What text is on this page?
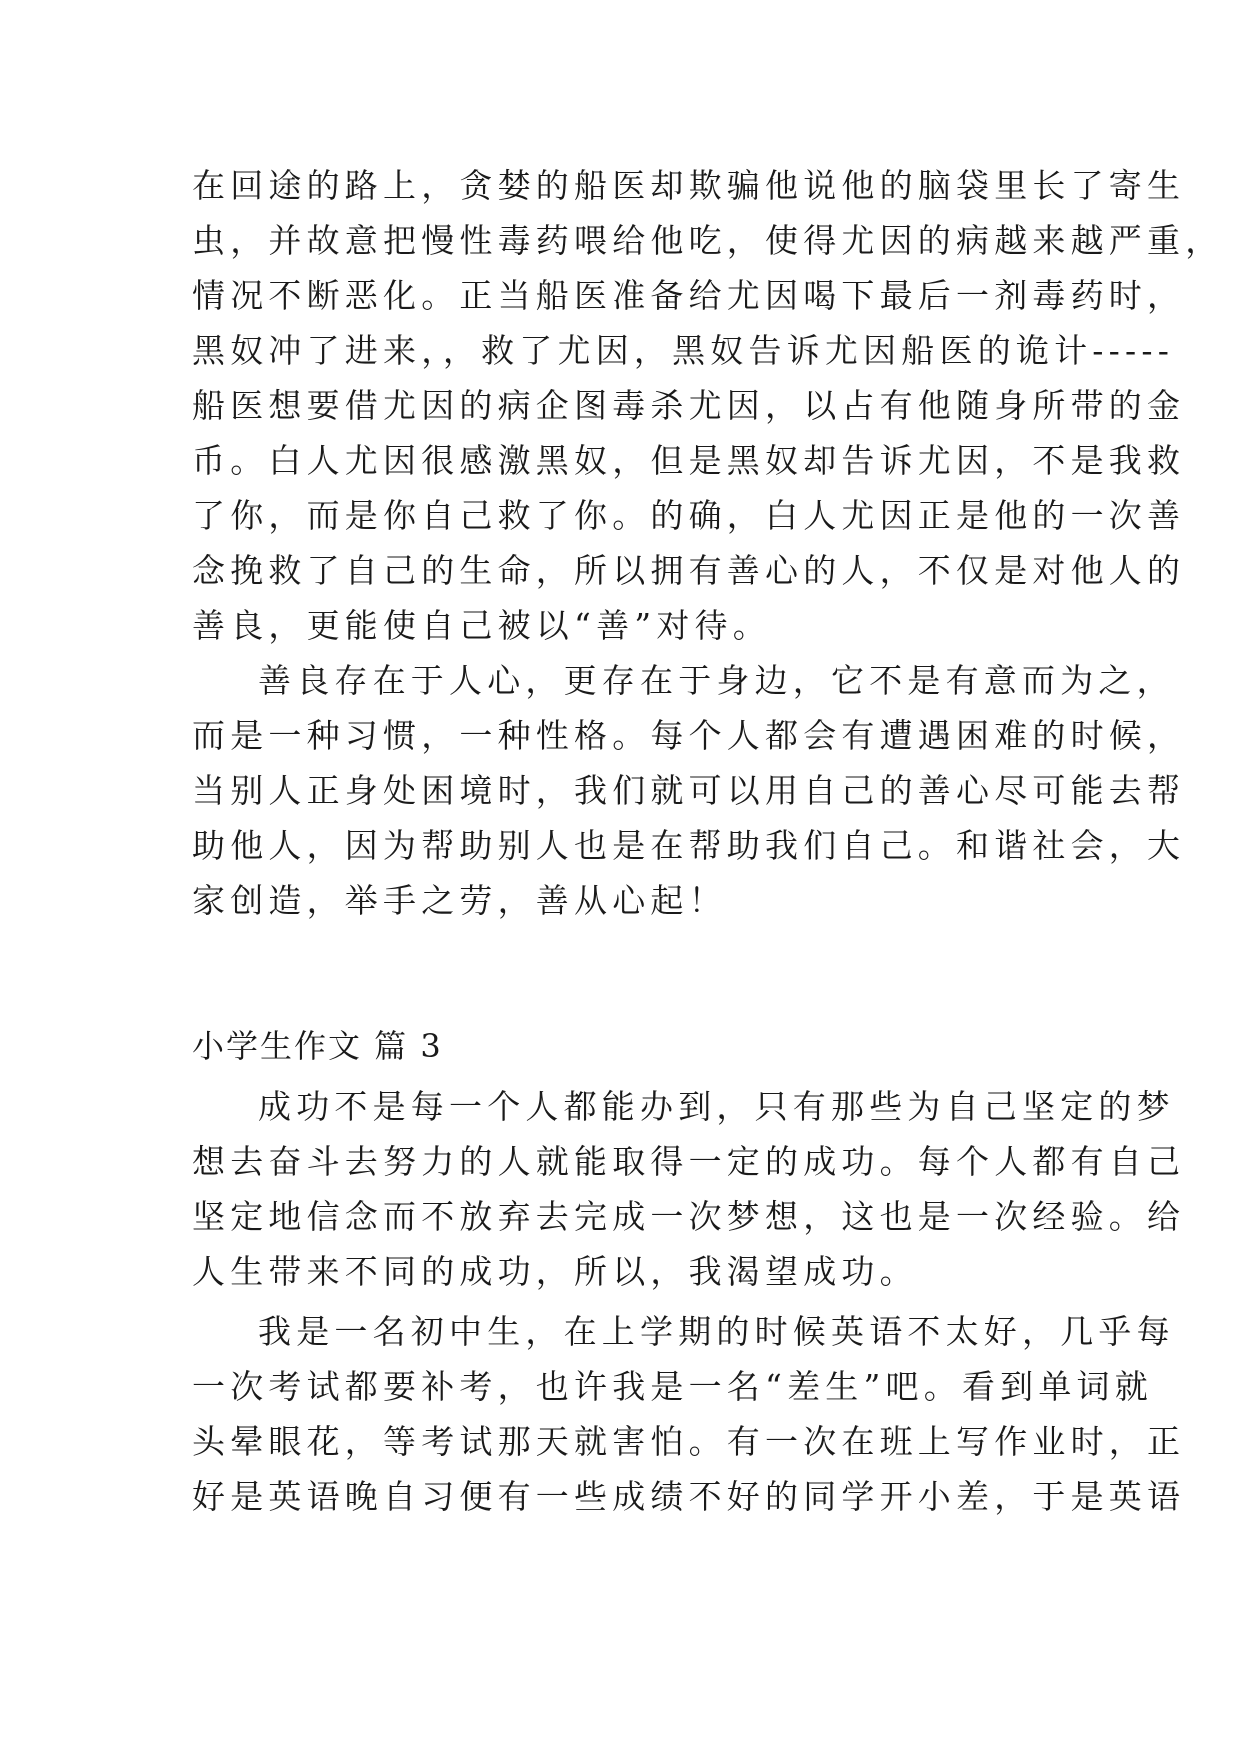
在回途的路上，贪婪的船医却欺骗他说他的脑袋里长了寄生
虫，并故意把慢性毒药喂给他吃，使得尤因的病越来越严重，
情况不断恶化。正当船医准备给尤因喝下最后一剂毒药时，
黑奴冲了进来，，救了尤因，黑奴告诉尤因船医的诡计-----
船医想要借尤因的病企图毒杀尤因，以占有他随身所带的金
币。白人尤因很感激黑奴，但是黑奴却告诉尤因，不是我救
了你，而是你自己救了你。的确，白人尤因正是他的一次善
念挽救了自己的生命，所以拥有善心的人，不仅是对他人的
善良，更能使自己被以“善”对待。
善良存在于人心，更存在于身边，它不是有意而为之，
而是一种习惯，一种性格。每个人都会有遭遇困难的时候，
当别人正身处困境时，我们就可以用自己的善心尽可能去帮
助他人，因为帮助别人也是在帮助我们自己。和谐社会，大
家创造，举手之劳，善从心起！
小学生作文 篇 3
成功不是每一个人都能办到，只有那些为自己坚定的梦
想去奋斗去努力的人就能取得一定的成功。每个人都有自己
坚定地信念而不放弃去完成一次梦想，这也是一次经验。给
人生带来不同的成功，所以，我渴望成功。
我是一名初中生，在上学期的时候英语不太好，几乎每
一次考试都要补考，也许我是一名“差生”吧。看到单词就
头晕眼花，等考试那天就害怕。有一次在班上写作业时，正
好是英语晚自习便有一些成绩不好的同学开小差，于是英语
